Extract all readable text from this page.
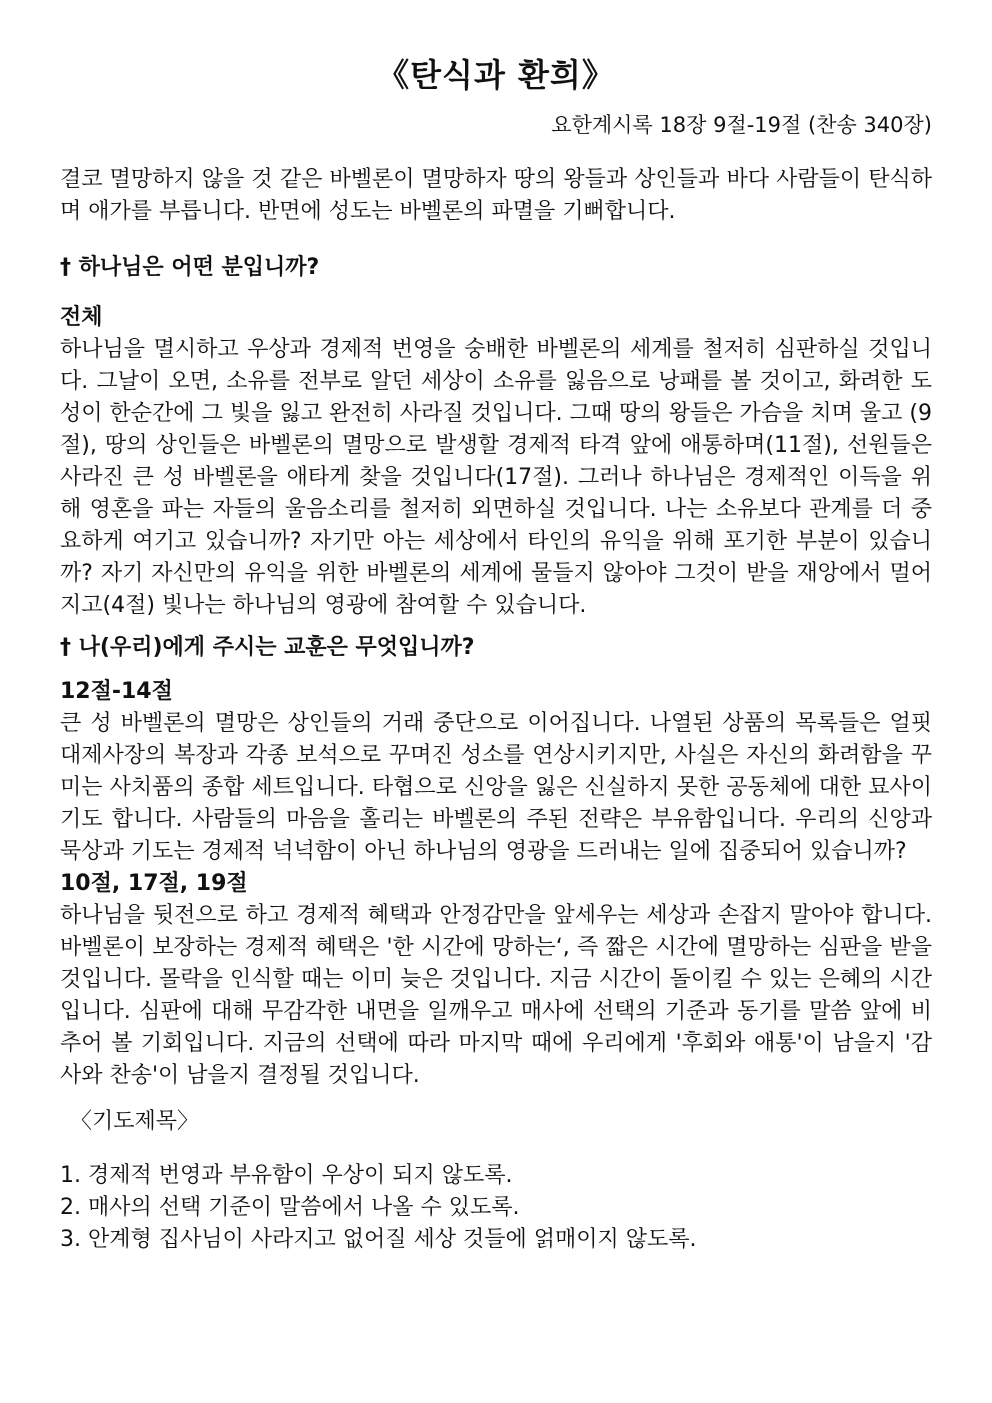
《탄식과 환희》
요한계시록 18장 9절-19절 (찬송 340장)

결코 멸망하지 않을 것 같은 바벨론이 멸망하자 땅의 왕들과 상인들과 바다 사람들이 탄식하며 애가를 부릅니다. 반면에 성도는 바벨론의 파멸을 기뻐합니다.

† 하나님은 어떤 분입니까?
전체

하나님을 멸시하고 우상과 경제적 번영을 숭배한 바벨론의 세계를 철저히 심판하실 것입니다. 그날이 오면, 소유를 전부로 알던 세상이 소유를 잃음으로 낭패를 볼 것이고, 화려한 도성이 한순간에 그 빛을 잃고 완전히 사라질 것입니다. 그때 땅의 왕들은 가슴을 치며 울고 (9절), 땅의 상인들은 바벨론의 멸망으로 발생할 경제적 타격 앞에 애통하며(11절), 선원들은 사라진 큰 성 바벨론을 애타게 찾을 것입니다(17절). 그러나 하나님은 경제적인 이득을 위해 영혼을 파는 자들의 울음소리를 철저히 외면하실 것입니다. 나는 소유보다 관계를 더 중요하게 여기고 있습니까? 자기만 아는 세상에서 타인의 유익을 위해 포기한 부분이 있습니까? 자기 자신만의 유익을 위한 바벨론의 세계에 물들지 않아야 그것이 받을 재앙에서 멀어지고(4절) 빛나는 하나님의 영광에 참여할 수 있습니다.

† 나(우리)에게 주시는 교훈은 무엇입니까?
12절-14절

큰 성 바벨론의 멸망은 상인들의 거래 중단으로 이어집니다. 나열된 상품의 목록들은 얼핏 대제사장의 복장과 각종 보석으로 꾸며진 성소를 연상시키지만, 사실은 자신의 화려함을 꾸미는 사치품의 종합 세트입니다. 타협으로 신앙을 잃은 신실하지 못한 공동체에 대한 묘사이기도 합니다. 사람들의 마음을 홀리는 바벨론의 주된 전략은 부유함입니다. 우리의 신앙과 묵상과 기도는 경제적 넉넉함이 아닌 하나님의 영광을 드러내는 일에 집중되어 있습니까?

10절, 17절, 19절

하나님을 뒷전으로 하고 경제적 혜택과 안정감만을 앞세우는 세상과 손잡지 말아야 합니다. 바벨론이 보장하는 경제적 혜택은 '한 시간에 망하는‘, 즉 짧은 시간에 멸망하는 심판을 받을 것입니다. 몰락을 인식할 때는 이미 늦은 것입니다. 지금 시간이 돌이킬 수 있는 은혜의 시간입니다. 심판에 대해 무감각한 내면을 일깨우고 매사에 선택의 기준과 동기를 말씀 앞에 비추어 볼 기회입니다. 지금의 선택에 따라 마지막 때에 우리에게 '후회와 애통'이 남을지 '감사와 찬송'이 남을지 결정될 것입니다.

〈기도제목〉
1. 경제적 번영과 부유함이 우상이 되지 않도록.
2. 매사의 선택 기준이 말씀에서 나올 수 있도록.
3. 안계형 집사님이 사라지고 없어질 세상 것들에 얽매이지 않도록.
